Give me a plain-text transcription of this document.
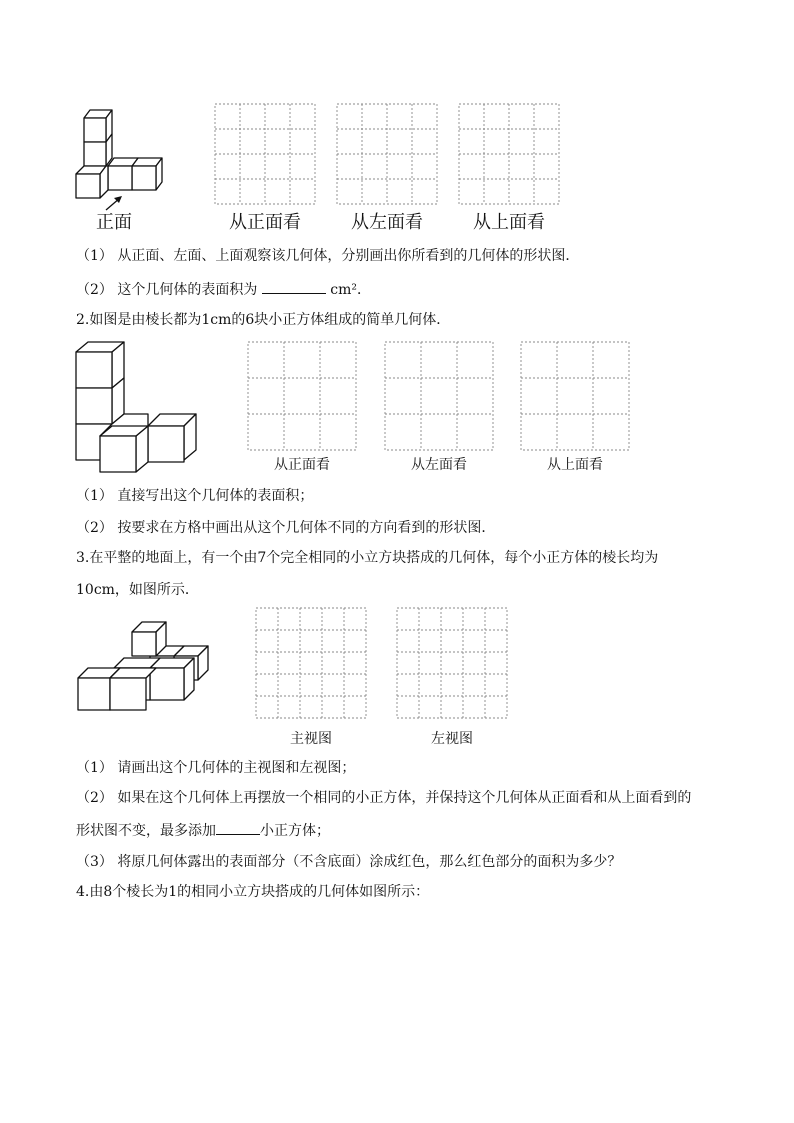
正面	从正面看	从左面看	从上面看
（1） 从正面、左面、上面观察该几何体，分别画出你所看到的几何体的形状图．
（2） 这个几何体的表面积为	cm²．
2.如图是由棱长都为1cm的6块小正方体组成的简单几何体．
从正面看	从左面看	从上面看
（1） 直接写出这个几何体的表面积；
（2） 按要求在方格中画出从这个几何体不同的方向看到的形状图．
3.在平整的地面上，有一个由7个完全相同的小立方块搭成的几何体，每个小正方体的棱长均为
10cm，如图所示．
主视图	左视图
（1） 请画出这个几何体的主视图和左视图；
（2） 如果在这个几何体上再摆放一个相同的小正方体，并保持这个几何体从正面看和从上面看到的
形状图不变，最多添加	小正方体；
（3） 将原几何体露出的表面部分（不含底面）涂成红色，那么红色部分的面积为多少？
4.由8个棱长为1的相同小立方块搭成的几何体如图所示：
